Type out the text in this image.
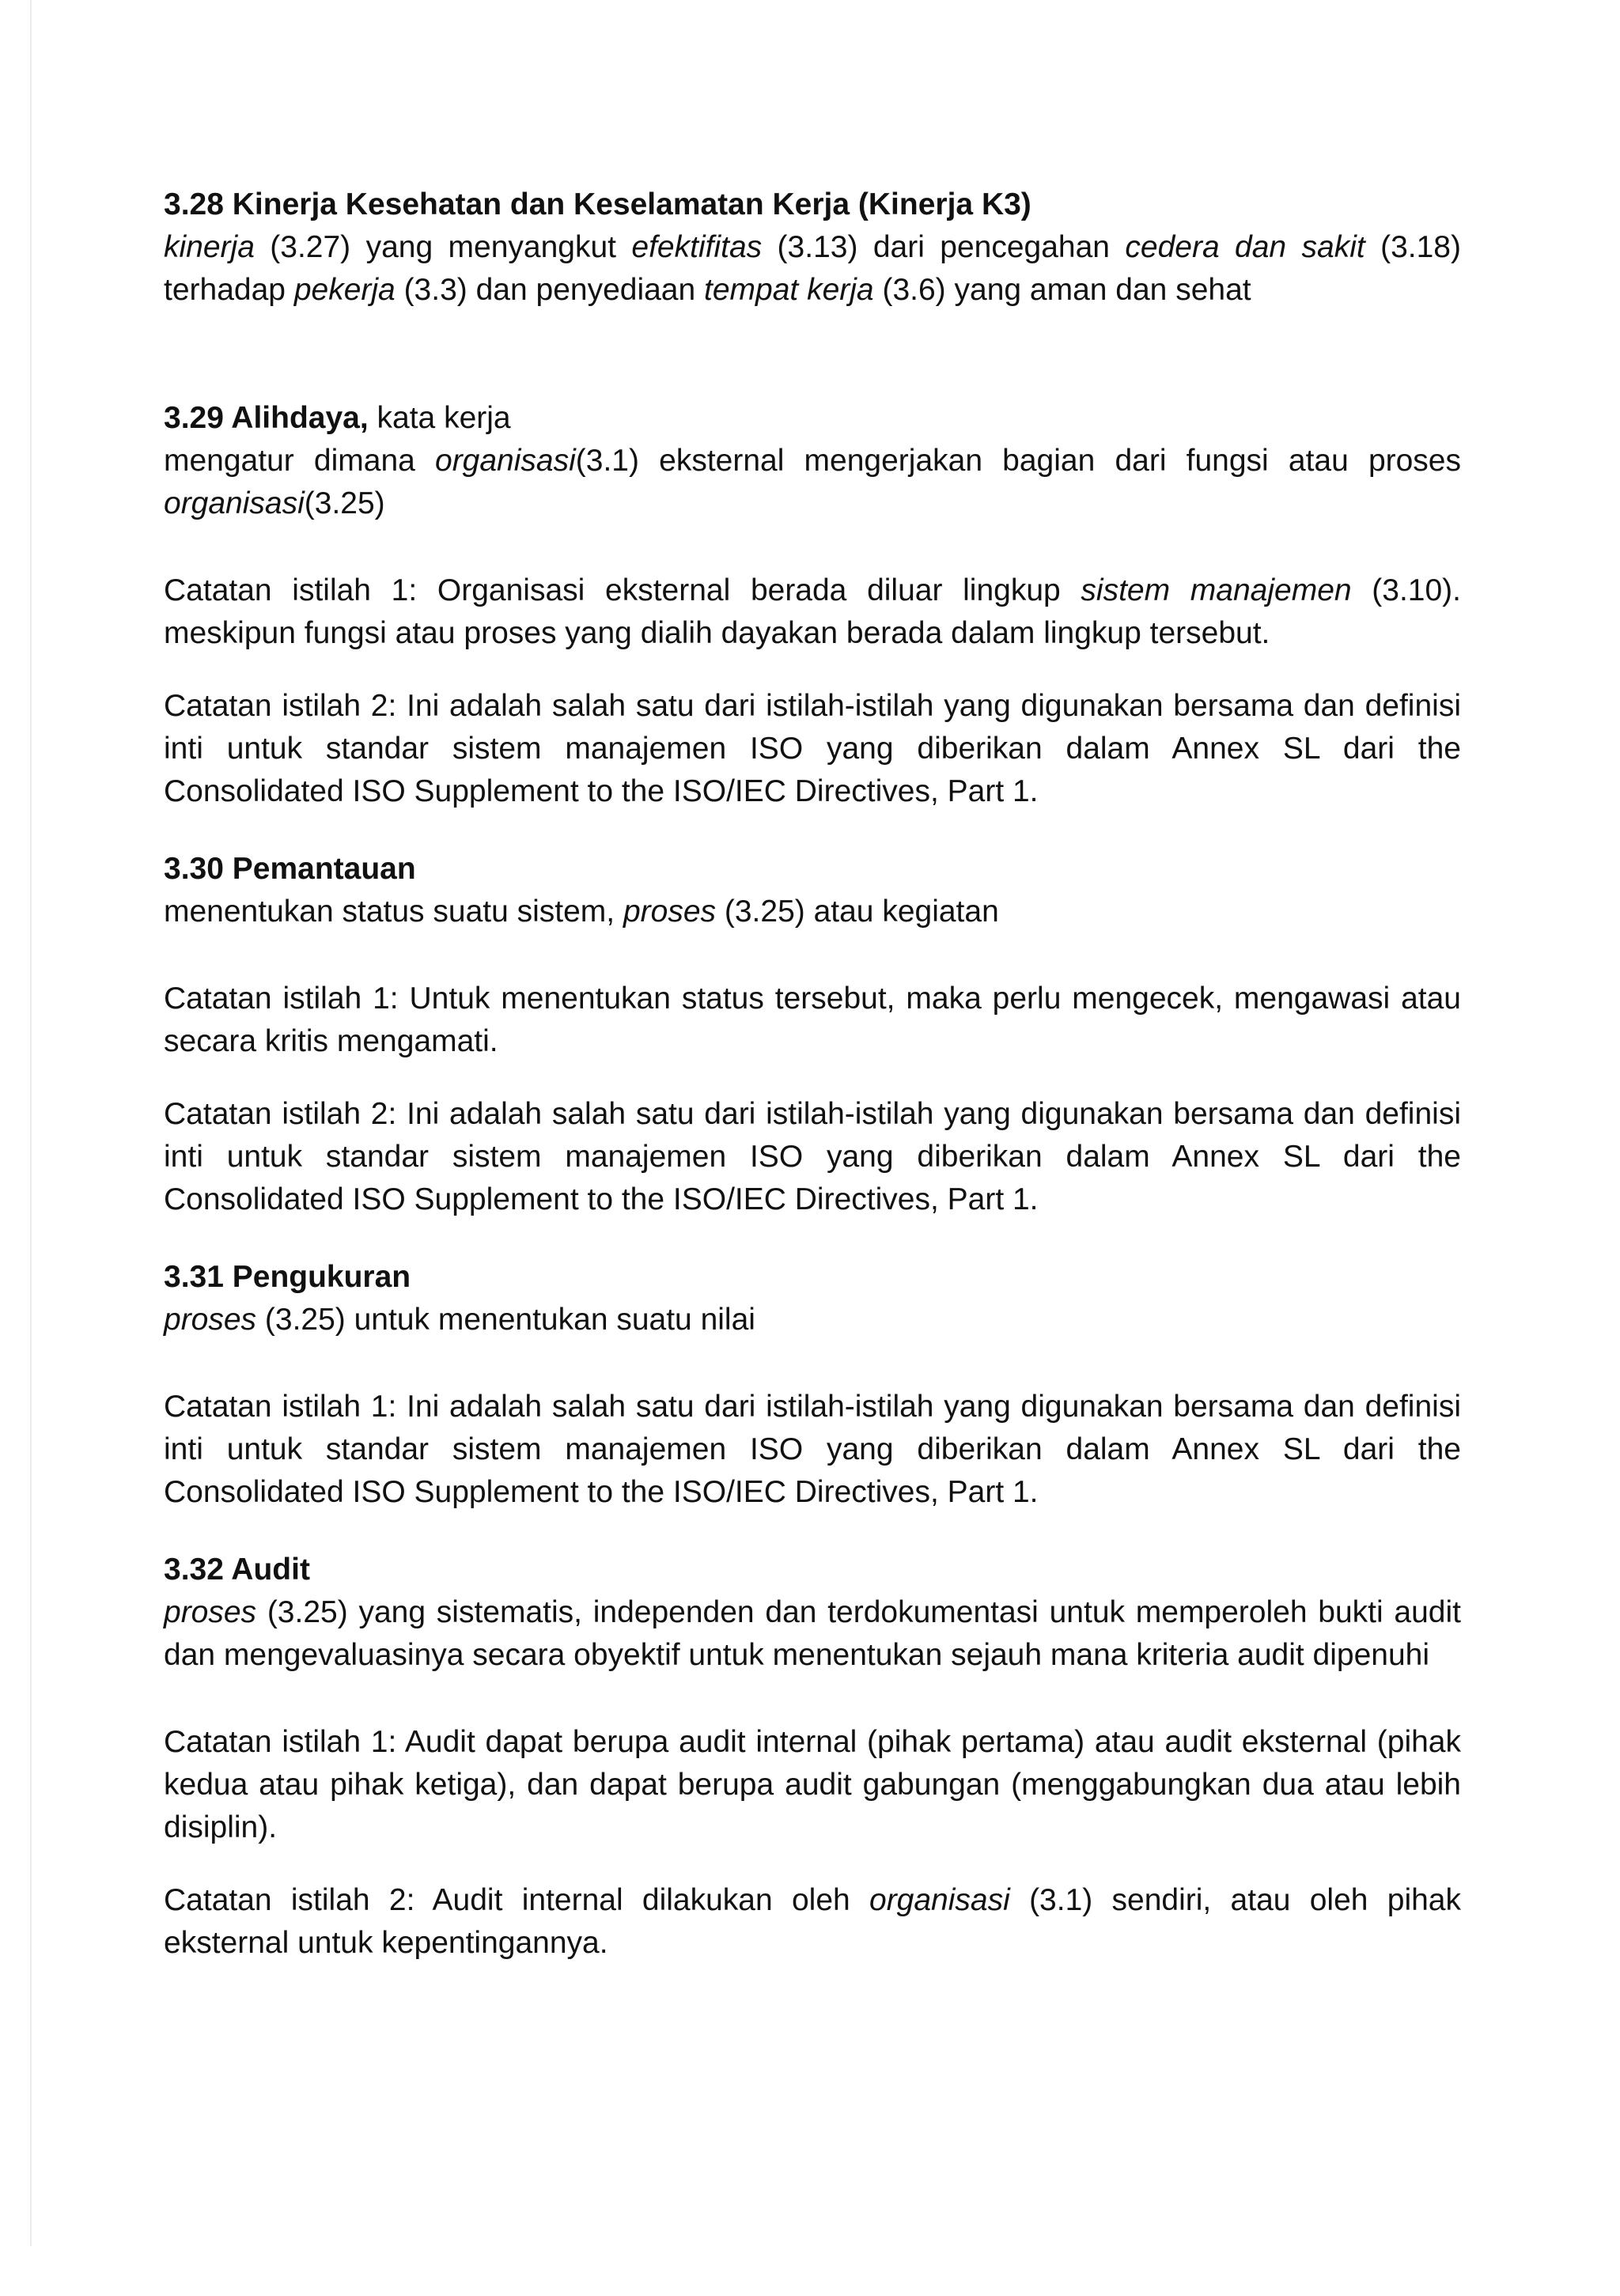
3.28 Kinerja Kesehatan dan Keselamatan Kerja (Kinerja K3)

kinerja (3.27) yang menyangkut efektifitas (3.13) dari pencegahan cedera dan sakit (3.18) terhadap pekerja (3.3) dan penyediaan tempat kerja (3.6) yang aman dan sehat

3.29 Alihdaya, kata kerja

mengatur dimana organisasi(3.1) eksternal mengerjakan bagian dari fungsi atau proses organisasi(3.25)

Catatan istilah 1: Organisasi eksternal berada diluar lingkup sistem manajemen (3.10). meskipun fungsi atau proses yang dialih dayakan berada dalam lingkup tersebut.

Catatan istilah 2: Ini adalah salah satu dari istilah-istilah yang digunakan bersama dan definisi inti untuk standar sistem manajemen ISO yang diberikan dalam Annex SL dari the Consolidated ISO Supplement to the ISO/IEC Directives, Part 1.

3.30 Pemantauan

menentukan status suatu sistem, proses (3.25) atau kegiatan

Catatan istilah 1: Untuk menentukan status tersebut, maka perlu mengecek, mengawasi atau secara kritis mengamati.

Catatan istilah 2: Ini adalah salah satu dari istilah-istilah yang digunakan bersama dan definisi inti untuk standar sistem manajemen ISO yang diberikan dalam Annex SL dari the Consolidated ISO Supplement to the ISO/IEC Directives, Part 1.

3.31 Pengukuran

proses (3.25) untuk menentukan suatu nilai

Catatan istilah 1: Ini adalah salah satu dari istilah-istilah yang digunakan bersama dan definisi inti untuk standar sistem manajemen ISO yang diberikan dalam Annex SL dari the Consolidated ISO Supplement to the ISO/IEC Directives, Part 1.

3.32 Audit

proses (3.25) yang sistematis, independen dan terdokumentasi untuk memperoleh bukti audit dan mengevaluasinya secara obyektif untuk menentukan sejauh mana kriteria audit dipenuhi

Catatan istilah 1: Audit dapat berupa audit internal (pihak pertama) atau audit eksternal (pihak kedua atau pihak ketiga), dan dapat berupa audit gabungan (menggabungkan dua atau lebih disiplin).

Catatan istilah 2: Audit internal dilakukan oleh organisasi (3.1) sendiri, atau oleh pihak eksternal untuk kepentingannya.
